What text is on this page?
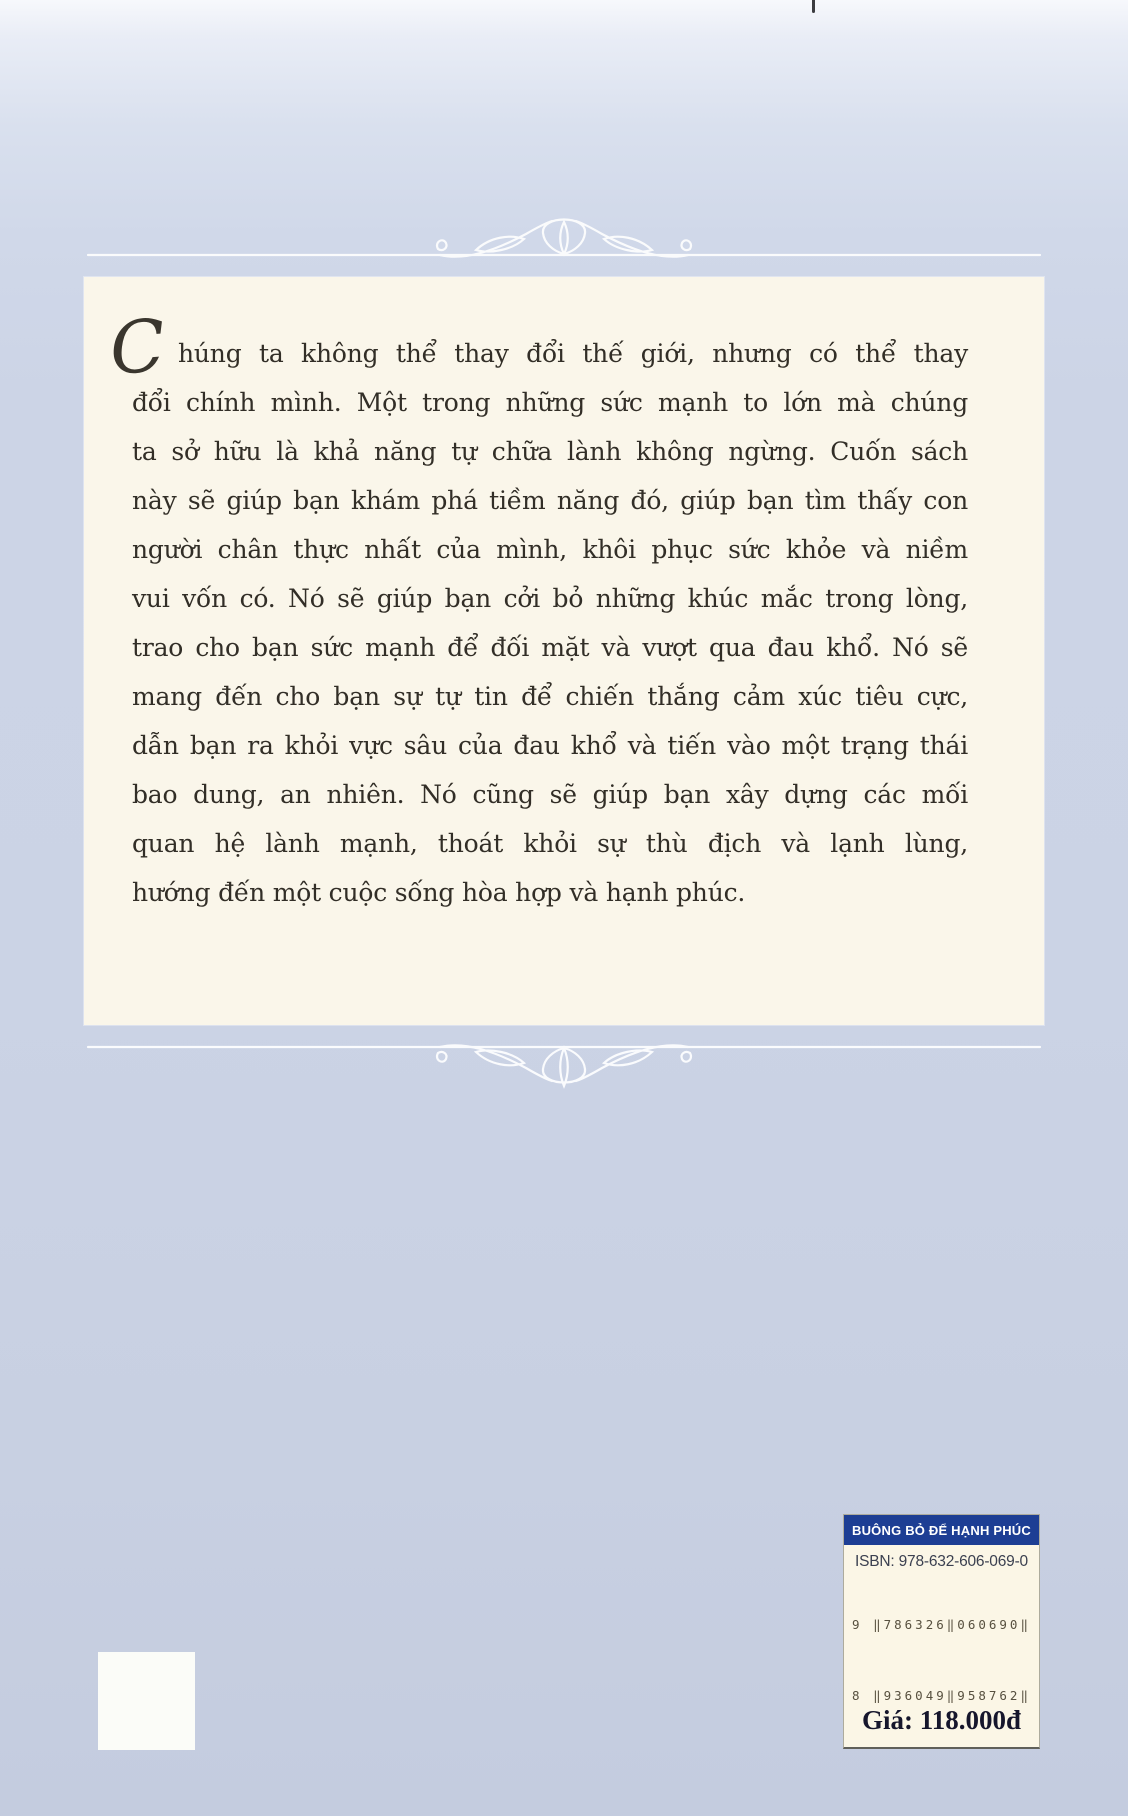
C húng ta không thể thay đổi thế giới, nhưng có thể thay
đổi chính mình. Một trong những sức mạnh to lớn mà chúng
ta sở hữu là khả năng tự chữa lành không ngừng. Cuốn sách
này sẽ giúp bạn khám phá tiềm năng đó, giúp bạn tìm thấy con
người chân thực nhất của mình, khôi phục sức khỏe và niềm
vui vốn có. Nó sẽ giúp bạn cởi bỏ những khúc mắc trong lòng,
trao cho bạn sức mạnh để đối mặt và vượt qua đau khổ. Nó sẽ
mang đến cho bạn sự tự tin để chiến thắng cảm xúc tiêu cực,
dẫn bạn ra khỏi vực sâu của đau khổ và tiến vào một trạng thái
bao dung, an nhiên. Nó cũng sẽ giúp bạn xây dựng các mối
quan hệ lành mạnh, thoát khỏi sự thù địch và lạnh lùng,
hướng đến một cuộc sống hòa hợp và hạnh phúc.
BUÔNG BỎ ĐỂ HẠNH PHÚC
ISBN: 978-632-606-069-0
9 ‖786326‖060690‖
8 ‖936049‖958762‖
Giá: 118.000đ
